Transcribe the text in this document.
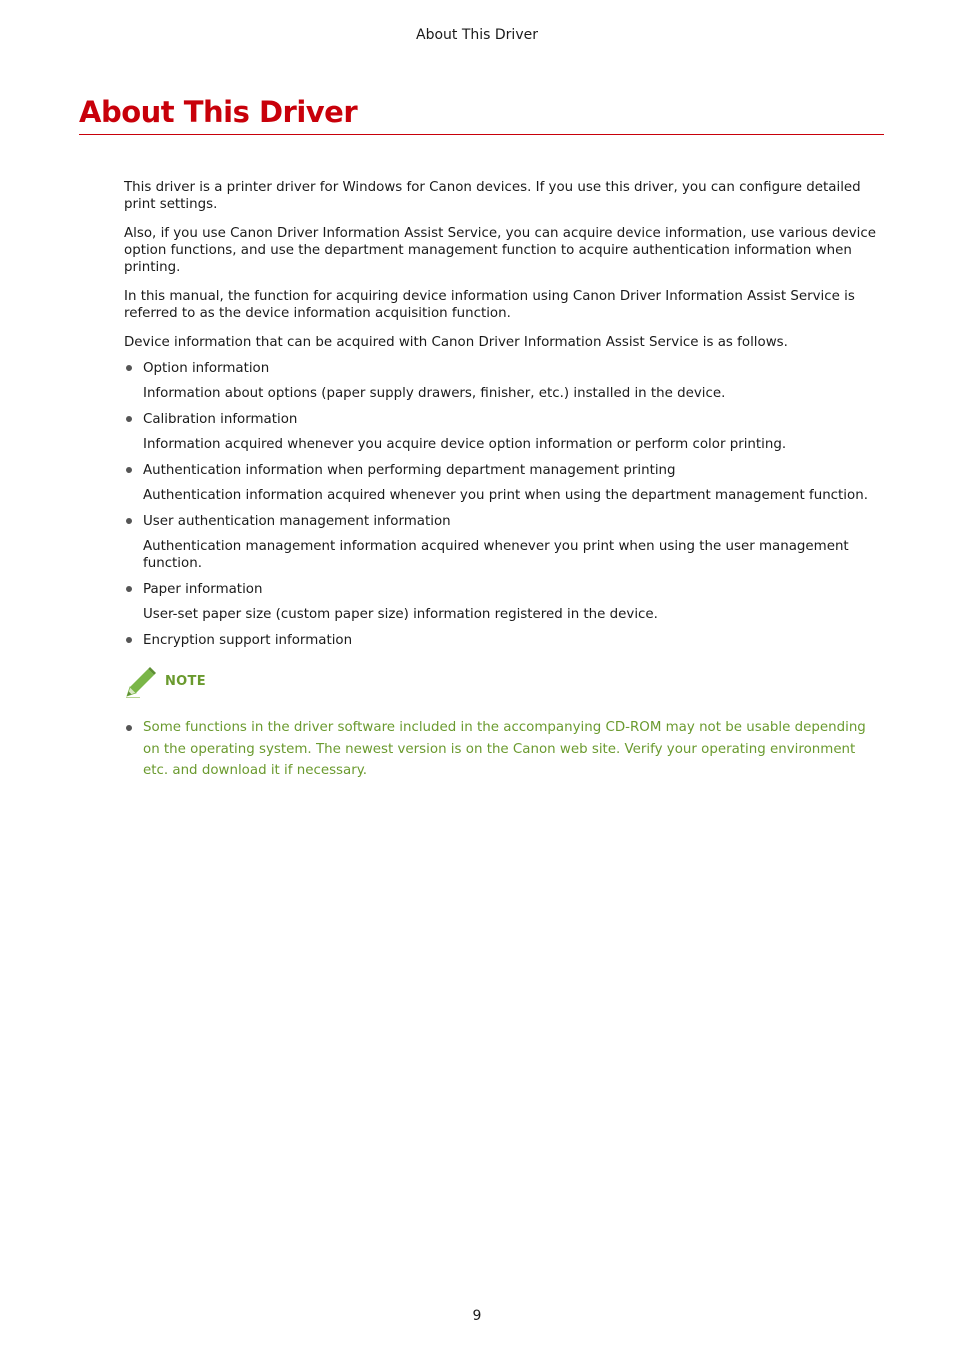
About This Driver
About This Driver

This driver is a printer driver for Windows for Canon devices. If you use this driver, you can configure detailed print settings.

Also, if you use Canon Driver Information Assist Service, you can acquire device information, use various device option functions, and use the department management function to acquire authentication information when printing.

In this manual, the function for acquiring device information using Canon Driver Information Assist Service is referred to as the device information acquisition function.

Device information that can be acquired with Canon Driver Information Assist Service is as follows.

Option information
Information about options (paper supply drawers, finisher, etc.) installed in the device.
Calibration information
Information acquired whenever you acquire device option information or perform color printing.
Authentication information when performing department management printing
Authentication information acquired whenever you print when using the department management function.
User authentication management information
Authentication management information acquired whenever you print when using the user management function.
Paper information
User-set paper size (custom paper size) information registered in the device.
Encryption support information
NOTE
Some functions in the driver software included in the accompanying CD-ROM may not be usable depending on the operating system. The newest version is on the Canon web site. Verify your operating environment etc. and download it if necessary.
9
